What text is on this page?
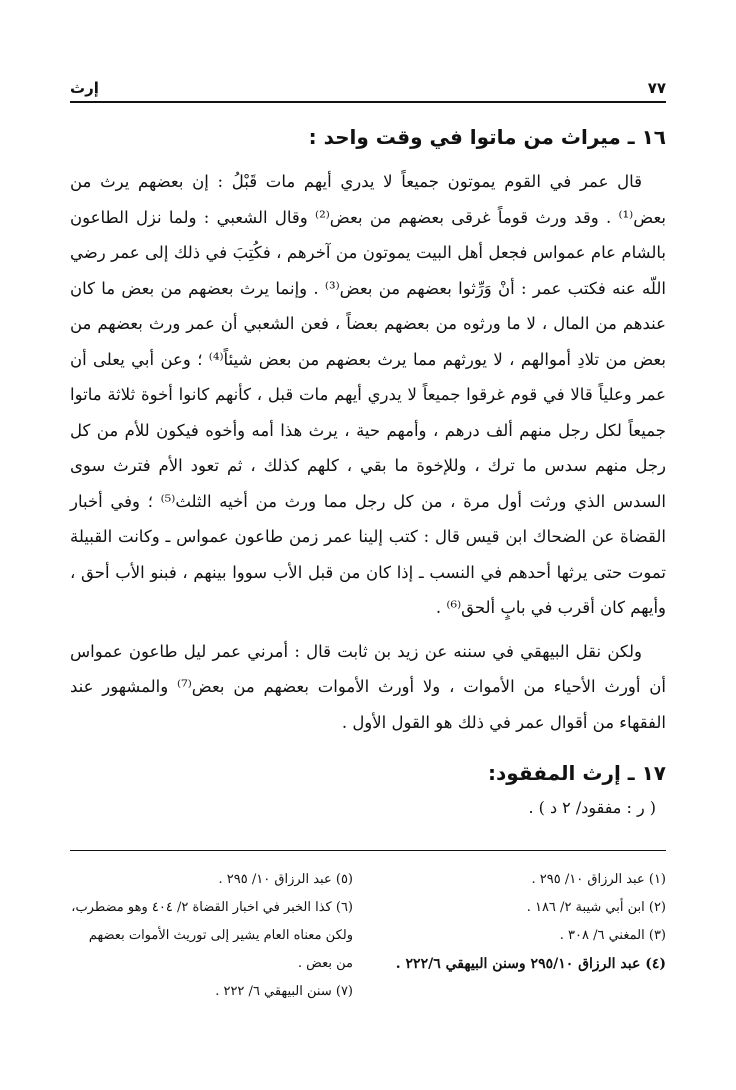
٧٧
إرث
١٦ ـ ميراث من ماتوا في وقت واحد :

قال عمر في القوم يموتون جميعاً لا يدري أيهم مات قَبْلُ : إن بعضهم يرث من بعض⁽¹⁾ . وقد ورث قوماً غرقى بعضهم من بعض⁽²⁾ وقال الشعبي : ولما نزل الطاعون بالشام عام عمواس فجعل أهل البيت يموتون من آخرهم ، فكُتِبَ في ذلك إلى عمر رضي اللّه عنه فكتب عمر : أنْ وَرِّثوا بعضهم من بعض⁽³⁾ . وإنما يرث بعضهم من بعض ما كان عندهم من المال ، لا ما ورثوه من بعضهم بعضاً ، فعن الشعبي أن عمر ورث بعضهم من بعض من تلادِ أموالهم ، لا يورثهم مما يرث بعضهم من بعض شيئاً⁽⁴⁾ ؛ وعن أبي يعلى أن عمر وعلياً قالا في قوم غرقوا جميعاً لا يدري أيهم مات قبل ، كأنهم كانوا أخوة ثلاثة ماتوا جميعاً لكل رجل منهم ألف درهم ، وأمهم حية ، يرث هذا أمه وأخوه فيكون للأم من كل رجل منهم سدس ما ترك ، وللإخوة ما بقي ، كلهم كذلك ، ثم تعود الأم فترث سوى السدس الذي ورثت أول مرة ، من كل رجل مما ورث من أخيه الثلث⁽⁵⁾ ؛ وفي أخبار القضاة عن الضحاك ابن قيس قال : كتب إلينا عمر زمن طاعون عمواس ـ وكانت القبيلة تموت حتى يرثها أحدهم في النسب ـ إذا كان من قبل الأب سووا بينهم ، فبنو الأب أحق ، وأيهم كان أقرب في بابٍ ألحق⁽⁶⁾ .

ولكن نقل البيهقي في سننه عن زيد بن ثابت قال : أمرني عمر ليل طاعون عمواس أن أورث الأحياء من الأموات ، ولا أورث الأموات بعضهم من بعض⁽⁷⁾ والمشهور عند الفقهاء من أقوال عمر في ذلك هو القول الأول .

١٧ ـ إرث المفقود:
( ر : مفقود/ ٢ د ) .
(١) عبد الرزاق ١٠/ ٢٩٥ .
(٢) ابن أبي شيبة ٢/ ١٨٦ .
(٣) المغني ٦/ ٣٠٨ .
(٤) عبد الرزاق ٢٩٥/١٠ وسنن البيهقي ٢٢٢/٦ .
(٥) عبد الرزاق ١٠/ ٢٩٥ .
(٦) كذا الخبر في اخبار القضاة ٢/ ٤٠٤ وهو مضطرب، ولكن معناه العام يشير إلى توريث الأموات بعضهم من بعض .
(٧) سنن البيهقي ٦/ ٢٢٢ .
